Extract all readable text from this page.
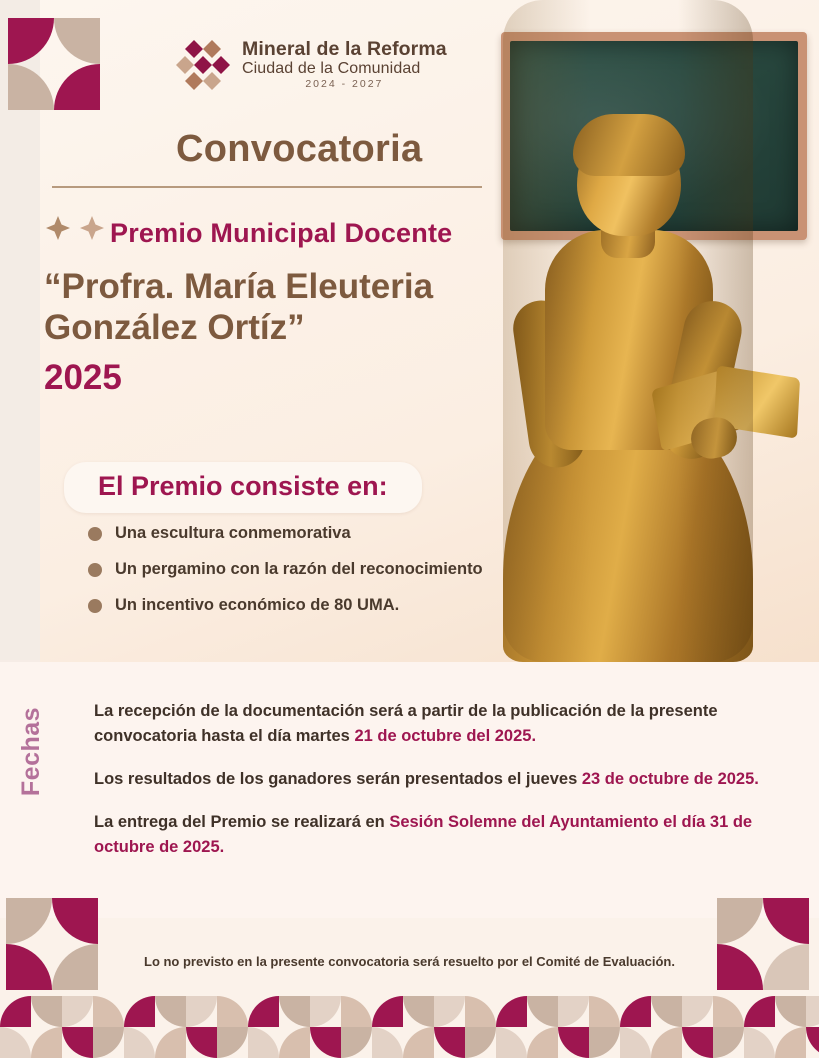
Mineral de la Reforma
Ciudad de la Comunidad
2024 - 2027
Convocatoria
Premio Municipal Docente
“Profra. María Eleuteria González Ortíz”
2025
El Premio consiste en:
Una escultura conmemorativa
Un pergamino con la razón del reconocimiento
Un incentivo económico de 80 UMA.
Fechas	La recepción de la documentación será a partir de la publicación de la presente convocatoria hasta el día martes 21 de octubre del 2025.

Los resultados de los ganadores serán presentados el jueves 23 de octubre de 2025.

La entrega del Premio se realizará en Sesión Solemne del Ayuntamiento el día 31 de octubre de 2025.

Lo no previsto en la presente convocatoria será resuelto por el Comité de Evaluación.
